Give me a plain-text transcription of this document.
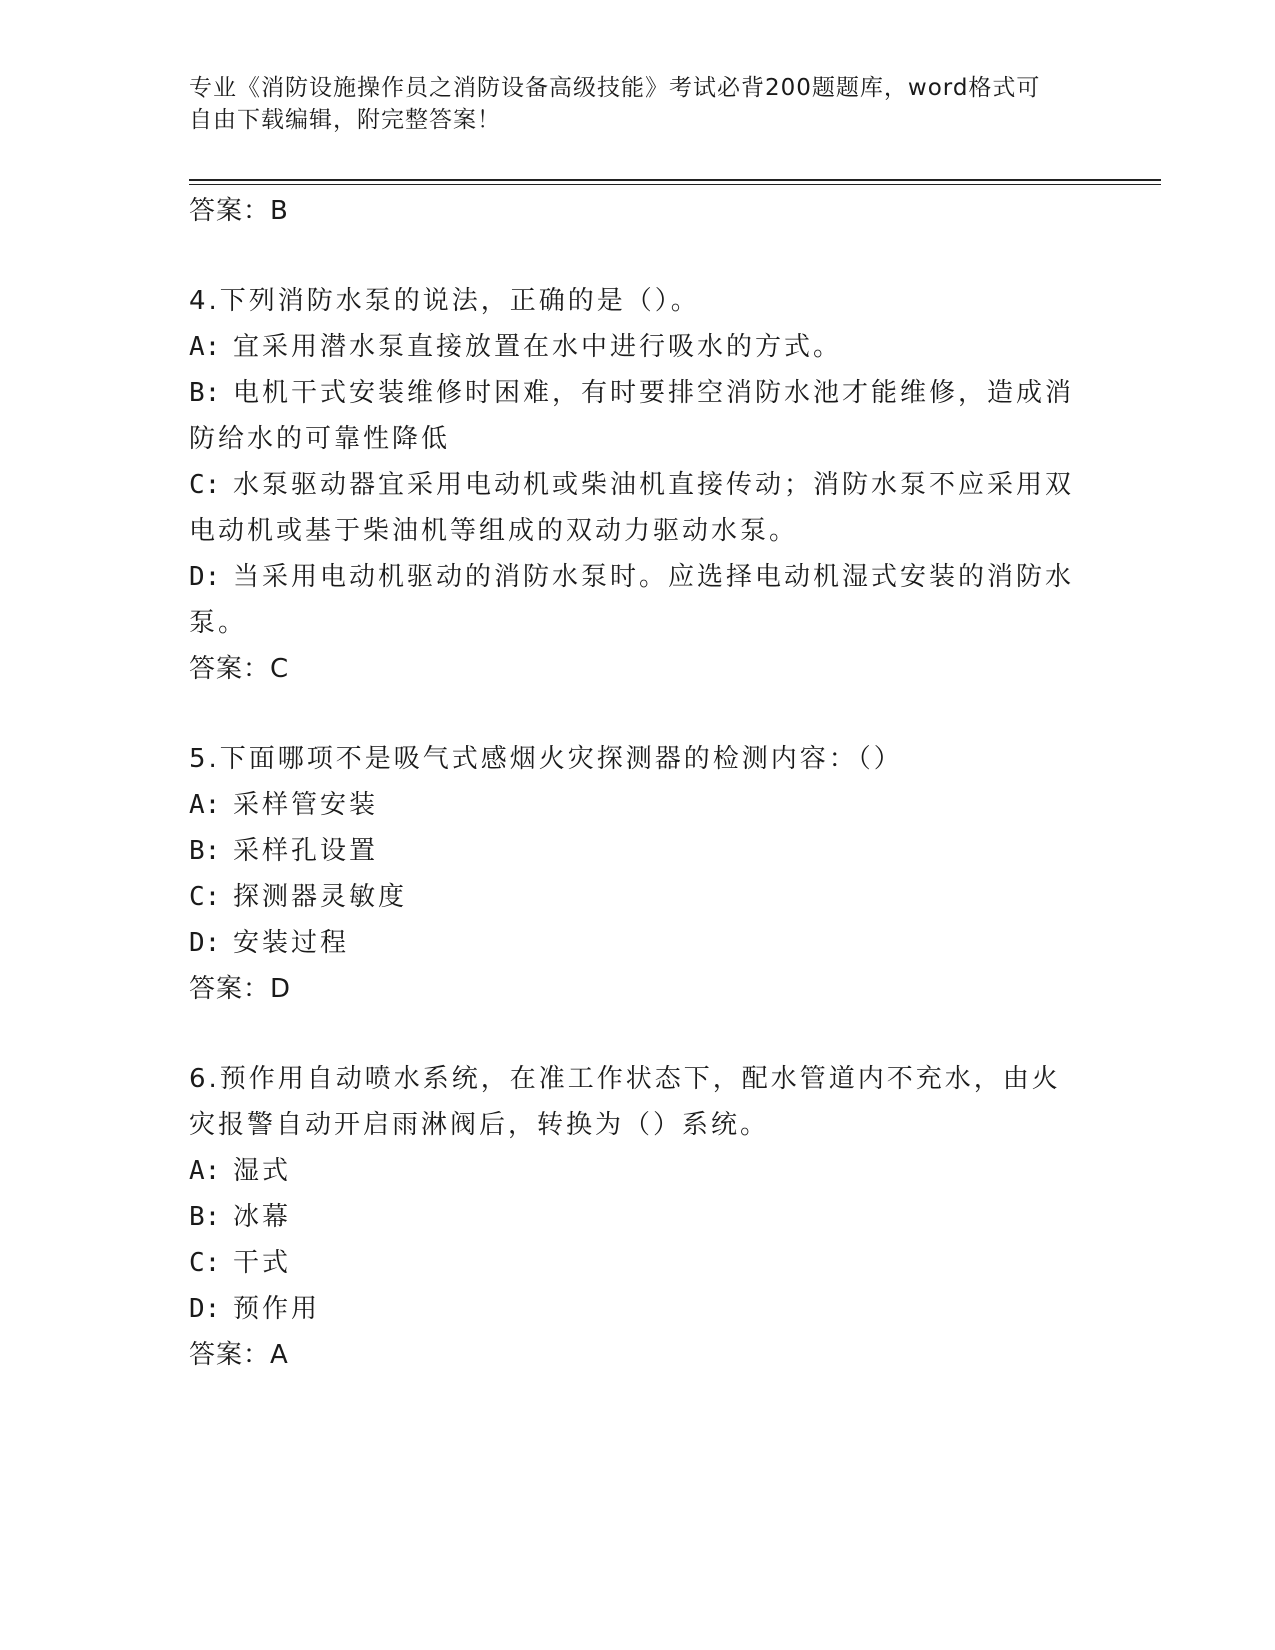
专业《消防设施操作员之消防设备高级技能》考试必背200题题库，word格式可
自由下载编辑，附完整答案！
答案：B
4.下列消防水泵的说法，正确的是（）。
A: 宜采用潜水泵直接放置在水中进行吸水的方式。
B: 电机干式安装维修时困难，有时要排空消防水池才能维修，造成消
防给水的可靠性降低
C: 水泵驱动器宜采用电动机或柴油机直接传动；消防水泵不应采用双
电动机或基于柴油机等组成的双动力驱动水泵。
D: 当采用电动机驱动的消防水泵时。应选择电动机湿式安装的消防水
泵。
答案：C
5.下面哪项不是吸气式感烟火灾探测器的检测内容：（）
A: 采样管安装
B: 采样孔设置
C: 探测器灵敏度
D: 安装过程
答案：D
6.预作用自动喷水系统，在准工作状态下，配水管道内不充水，由火
灾报警自动开启雨淋阀后，转换为（）系统。
A: 湿式
B: 冰幕
C: 干式
D: 预作用
答案：A
